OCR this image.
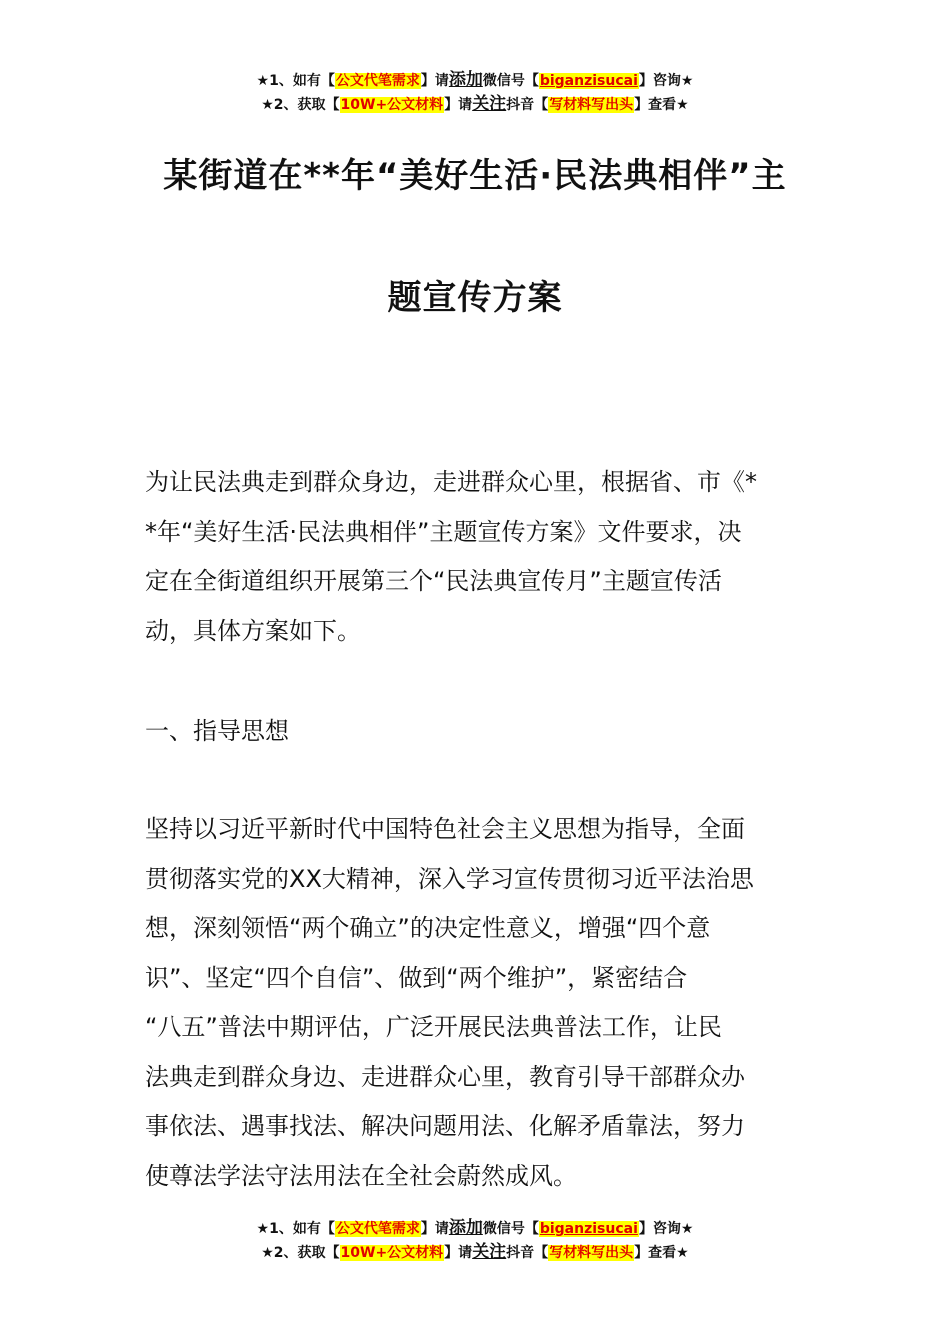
★1、如有【公文代笔需求】请添加微信号【biganzisucai】咨询★
★2、获取【10W+公文材料】请关注抖音【写材料写出头】查看★
某街道在**年“美好生活·民法典相伴”主
题宣传方案
为让民法典走到群众身边，走进群众心里，根据省、市《*
*年“美好生活·民法典相伴”主题宣传方案》文件要求，决
定在全街道组织开展第三个“民法典宣传月”主题宣传活
动，具体方案如下。
一、指导思想
坚持以习近平新时代中国特色社会主义思想为指导，全面
贯彻落实党的XX大精神，深入学习宣传贯彻习近平法治思
想，深刻领悟“两个确立”的决定性意义，增强“四个意
识”、坚定“四个自信”、做到“两个维护”，紧密结合
“八五”普法中期评估，广泛开展民法典普法工作，让民
法典走到群众身边、走进群众心里，教育引导干部群众办
事依法、遇事找法、解决问题用法、化解矛盾靠法，努力
使尊法学法守法用法在全社会蔚然成风。
★1、如有【公文代笔需求】请添加微信号【biganzisucai】咨询★
★2、获取【10W+公文材料】请关注抖音【写材料写出头】查看★
